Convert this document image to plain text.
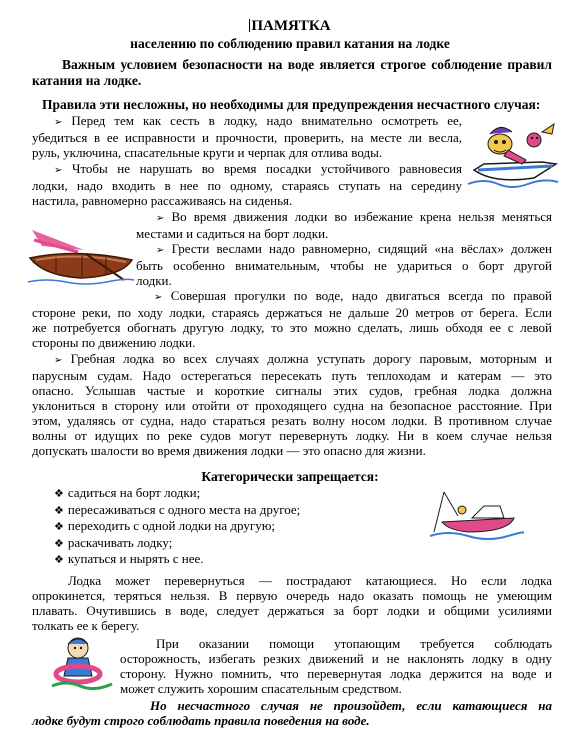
ПАМЯТКА
населению по соблюдению правил катания на лодке
Важным условием безопасности на воде является строгое соблюдение правил катания на лодке.
Правила эти несложны, но необходимы для предупреждения несчастного случая:
➢ Перед тем как сесть в лодку, надо внимательно осмотреть ее,
убедиться в ее исправности и прочности, проверить, на месте ли весла,
руль, уключина, спасательные круги и черпак для отлива воды.
➢ Чтобы не нарушать во время посадки устойчивого равновесия
лодки, надо входить в нее по одному, стараясь ступать на середину
настила, равномерно рассаживаясь на сиденья.
➢ Во время движения лодки во избежание крена нельзя меняться
местами и садиться на борт лодки.
➢ Грести веслами надо равномерно, сидящий «на вёслах» должен
быть особенно внимательным, чтобы не удариться о борт другой
лодки.
➢ Совершая прогулки по воде, надо двигаться всегда по правой
стороне реки, по ходу лодки, стараясь держаться не дальше 20 метров от берега. Если
же потребуется обогнать другую лодку, то это можно сделать, лишь обходя ее с левой
стороны по движению лодки.
➢ Гребная лодка во всех случаях должна уступать дорогу паровым, моторным и
парусным судам. Надо остерегаться пересекать путь теплоходам и катерам — это
опасно. Услышав частые и короткие сигналы этих судов, гребная лодка должна
уклониться в сторону или отойти от проходящего судна на безопасное расстояние. При
этом, удаляясь от судна, надо стараться резать волну носом лодки. В противном случае
волны от идущих по реке судов могут перевернуть лодку. Ни в коем случае нельзя
допускать шалости во время движения лодки — это опасно для жизни.
Категорически запрещается:
❖ садиться на борт лодки;
❖ пересаживаться с одного места на другое;
❖ переходить с одной лодки на другую;
❖ раскачивать лодку;
❖ купаться и нырять с нее.
Лодка может перевернуться — пострадают катающиеся. Но если лодка
опрокинется, теряться нельзя. В первую очередь надо оказать помощь не умеющим
плавать. Очутившись в воде, следует держаться за борт лодки и общими усилиями
толкать ее к берегу.
При оказании помощи утопающим требуется соблюдать
осторожность, избегать резких движений и не наклонять лодку в одну
сторону. Нужно помнить, что перевернутая лодка держится на воде и
может служить хорошим спасательным средством.
Но несчастного случая не произойдет, если катающиеся на
лодке будут строго соблюдать правила поведения на воде.
